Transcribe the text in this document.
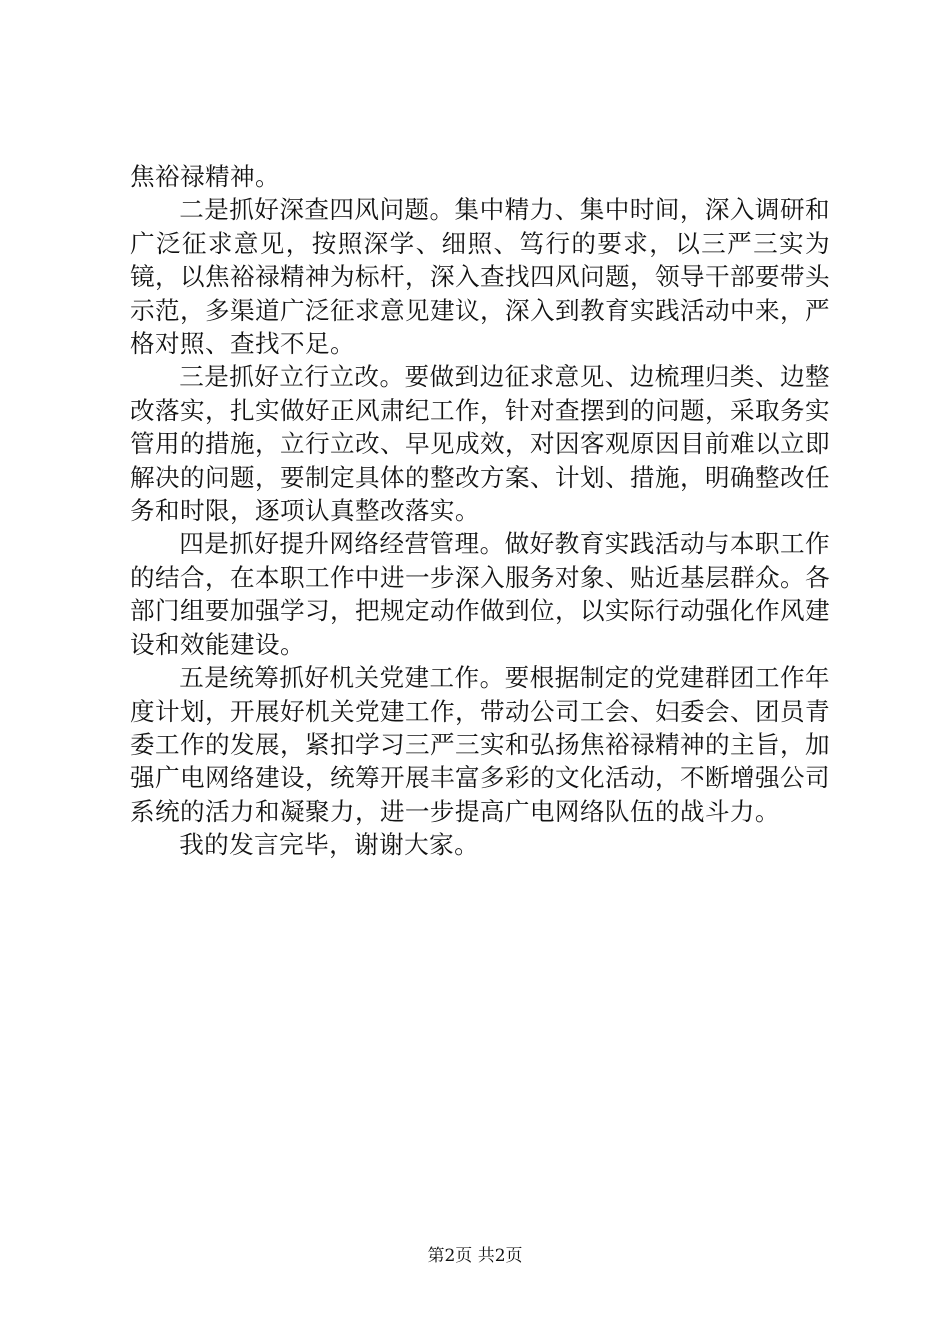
焦裕禄精神。

二是抓好深查四风问题。集中精力、集中时间，深入调研和广泛征求意见，按照深学、细照、笃行的要求，以三严三实为镜，以焦裕禄精神为标杆，深入查找四风问题，领导干部要带头示范，多渠道广泛征求意见建议，深入到教育实践活动中来，严格对照、查找不足。

三是抓好立行立改。要做到边征求意见、边梳理归类、边整改落实，扎实做好正风肃纪工作，针对查摆到的问题，采取务实管用的措施，立行立改、早见成效，对因客观原因目前难以立即解决的问题，要制定具体的整改方案、计划、措施，明确整改任务和时限，逐项认真整改落实。

四是抓好提升网络经营管理。做好教育实践活动与本职工作的结合，在本职工作中进一步深入服务对象、贴近基层群众。各部门组要加强学习，把规定动作做到位，以实际行动强化作风建设和效能建设。

五是统筹抓好机关党建工作。要根据制定的党建群团工作年度计划，开展好机关党建工作，带动公司工会、妇委会、团员青委工作的发展，紧扣学习三严三实和弘扬焦裕禄精神的主旨，加强广电网络建设，统筹开展丰富多彩的文化活动，不断增强公司系统的活力和凝聚力，进一步提高广电网络队伍的战斗力。

我的发言完毕，谢谢大家。

第2页 共2页
